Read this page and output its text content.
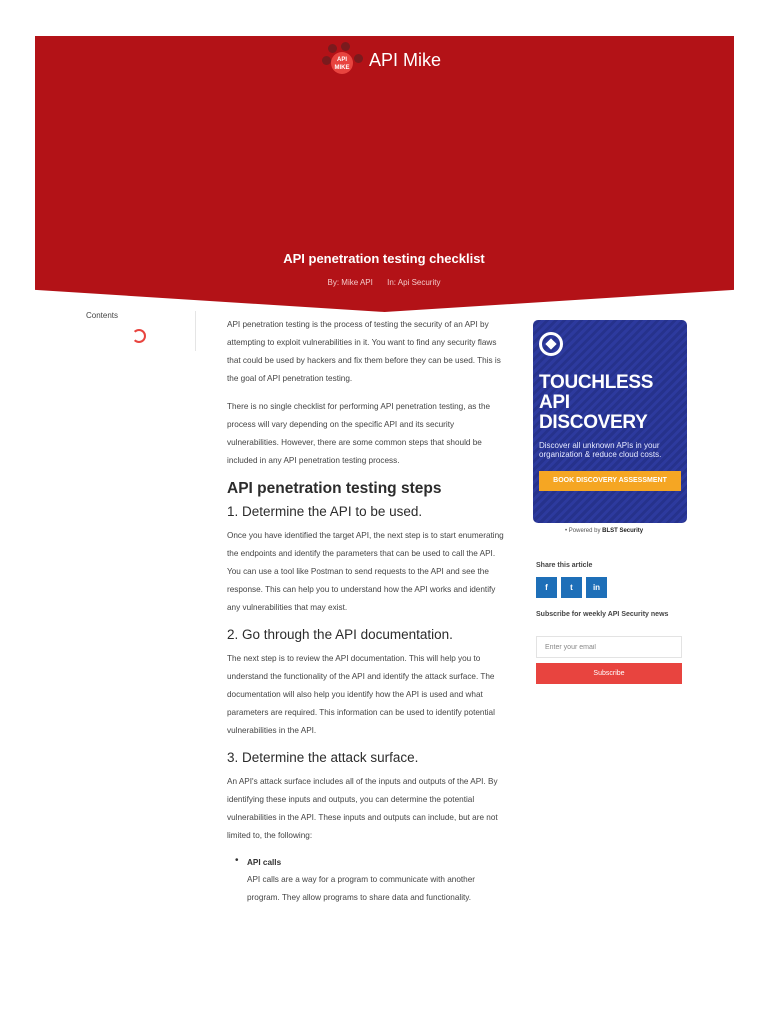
API MIKE API Mike
API penetration testing checklist
By: Mike API In: Api Security
Contents

API penetration testing is the process of testing the security of an API by attempting to exploit vulnerabilities in it. You want to find any security flaws that could be used by hackers and fix them before they can be used. This is the goal of API penetration testing.

There is no single checklist for performing API penetration testing, as the process will vary depending on the specific API and its security vulnerabilities. However, there are some common steps that should be included in any API penetration testing process.

API penetration testing steps
1. Determine the API to be used.

Once you have identified the target API, the next step is to start enumerating the endpoints and identify the parameters that can be used to call the API. You can use a tool like Postman to send requests to the API and see the response. This can help you to understand how the API works and identify any vulnerabilities that may exist.

2. Go through the API documentation.

The next step is to review the API documentation. This will help you to understand the functionality of the API and identify the attack surface. The documentation will also help you identify how the API is used and what parameters are required. This information can be used to identify potential vulnerabilities in the API.

3. Determine the attack surface.

An API's attack surface includes all of the inputs and outputs of the API. By identifying these inputs and outputs, you can determine the potential vulnerabilities in the API. These inputs and outputs can include, but are not limited to, the following:

• API calls
API calls are a way for a program to communicate with another program. They allow programs to share data and functionality.
TOUCHLESS
API
DISCOVERY
Discover all unknown APIs in your organization & reduce cloud costs.
BOOK DISCOVERY ASSESSMENT
• Powered by BLST Security
Share this article
f	t	in
Subscribe for weekly API Security news
Enter your email
Subscribe
